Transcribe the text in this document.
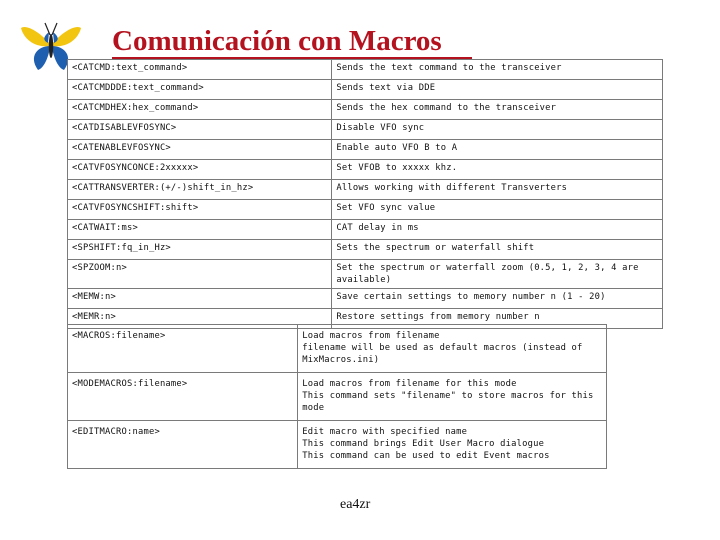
Comunicación con Macros
<CATCMD:text_command>	Sends the text command to the transceiver

<CATCMDDDE:text_command>	Sends text via DDE

<CATCMDHEX:hex_command>	Sends the hex command to the transceiver

<CATDISABLEVFOSYNC>	Disable VFO sync

<CATENABLEVFOSYNC>	Enable auto VFO B to A

<CATVFOSYNCONCE:2xxxxx>	Set VFOB to xxxxx khz.

<CATTRANSVERTER:(+/-)shift_in_hz>	Allows working with different Transverters

<CATVFOSYNCSHIFT:shift>	Set VFO sync value

<CATWAIT:ms>	CAT delay in ms

<SPSHIFT:fq_in_Hz>	Sets the spectrum or waterfall shift

<SPZOOM:n>	Set the spectrum or waterfall zoom (0.5, 1, 2, 3, 4 are available)

<MEMW:n>	Save certain settings to memory number n (1 - 20)

<MEMR:n>	Restore settings from memory number n
<MACROS:filename>	Load macros from filename
filename will be used as default macros (instead of MixMacros.ini)

<MODEMACROS:filename>	Load macros from filename for this mode
This command sets "filename" to store macros for this mode

<EDITMACRO:name>	Edit macro with specified name
This command brings Edit User Macro dialogue
This command can be used to edit Event macros
ea4zr
